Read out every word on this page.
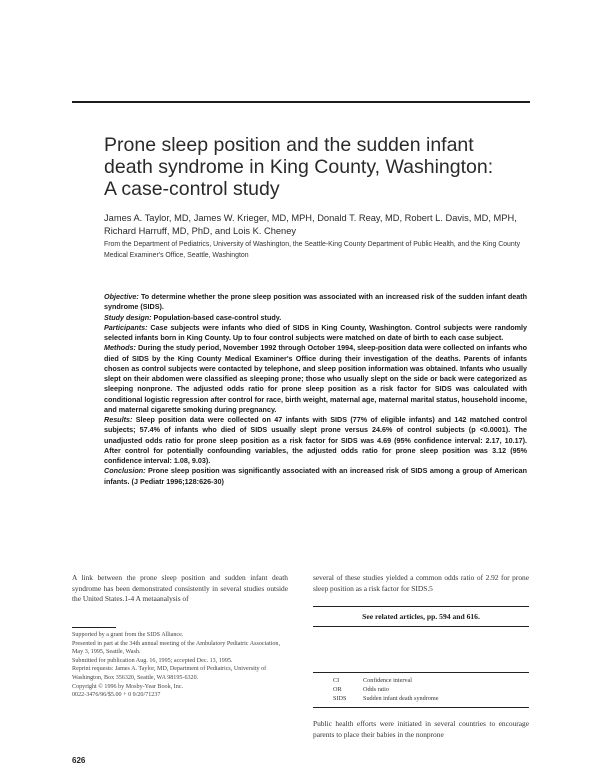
Prone sleep position and the sudden infant death syndrome in King County, Washington: A case-control study
James A. Taylor, MD, James W. Krieger, MD, MPH, Donald T. Reay, MD, Robert L. Davis, MD, MPH, Richard Harruff, MD, PhD, and Lois K. Cheney
From the Department of Pediatrics, University of Washington, the Seattle-King County Department of Public Health, and the King County Medical Examiner's Office, Seattle, Washington

Objective: To determine whether the prone sleep position was associated with an increased risk of the sudden infant death syndrome (SIDS).

Study design: Population-based case-control study.

Participants: Case subjects were infants who died of SIDS in King County, Washington. Control subjects were randomly selected infants born in King County. Up to four control subjects were matched on date of birth to each case subject.

Methods: During the study period, November 1992 through October 1994, sleep-position data were collected on infants who died of SIDS by the King County Medical Examiner's Office during their investigation of the deaths. Parents of infants chosen as control subjects were contacted by telephone, and sleep position information was obtained. Infants who usually slept on their abdomen were classified as sleeping prone; those who usually slept on the side or back were categorized as sleeping nonprone. The adjusted odds ratio for prone sleep position as a risk factor for SIDS was calculated with conditional logistic regression after control for race, birth weight, maternal age, maternal marital status, household income, and maternal cigarette smoking during pregnancy.

Results: Sleep position data were collected on 47 infants with SIDS (77% of eligible infants) and 142 matched control subjects; 57.4% of infants who died of SIDS usually slept prone versus 24.6% of control subjects (p <0.0001). The unadjusted odds ratio for prone sleep position as a risk factor for SIDS was 4.69 (95% confidence interval: 2.17, 10.17). After control for potentially confounding variables, the adjusted odds ratio for prone sleep position was 3.12 (95% confidence interval: 1.08, 9.03).

Conclusion: Prone sleep position was significantly associated with an increased risk of SIDS among a group of American infants. (J Pediatr 1996;128:626-30)

A link between the prone sleep position and sudden infant death syndrome has been demonstrated consistently in several studies outside the United States.1-4 A metaanalysis of
several of these studies yielded a common odds ratio of 2.92 for prone sleep position as a risk factor for SIDS.5
See related articles, pp. 594 and 616.

Supported by a grant from the SIDS Alliance.

Presented in part at the 34th annual meeting of the Ambulatory Pediatric Association, May 3, 1995, Seattle, Wash.

Submitted for publication Aug. 16, 1995; accepted Dec. 13, 1995.

Reprint requests: James A. Taylor, MD, Department of Pediatrics, University of Washington, Box 356320, Seattle, WA 98195-6320.

Copyright © 1996 by Mosby-Year Book, Inc.

0022-3476/96/$5.00 + 0 9/20/71237

CI	Confidence interval
OR	Odds ratio
SIDS	Sudden infant death syndrome
Public health efforts were initiated in several countries to encourage parents to place their babies in the nonprone
626
